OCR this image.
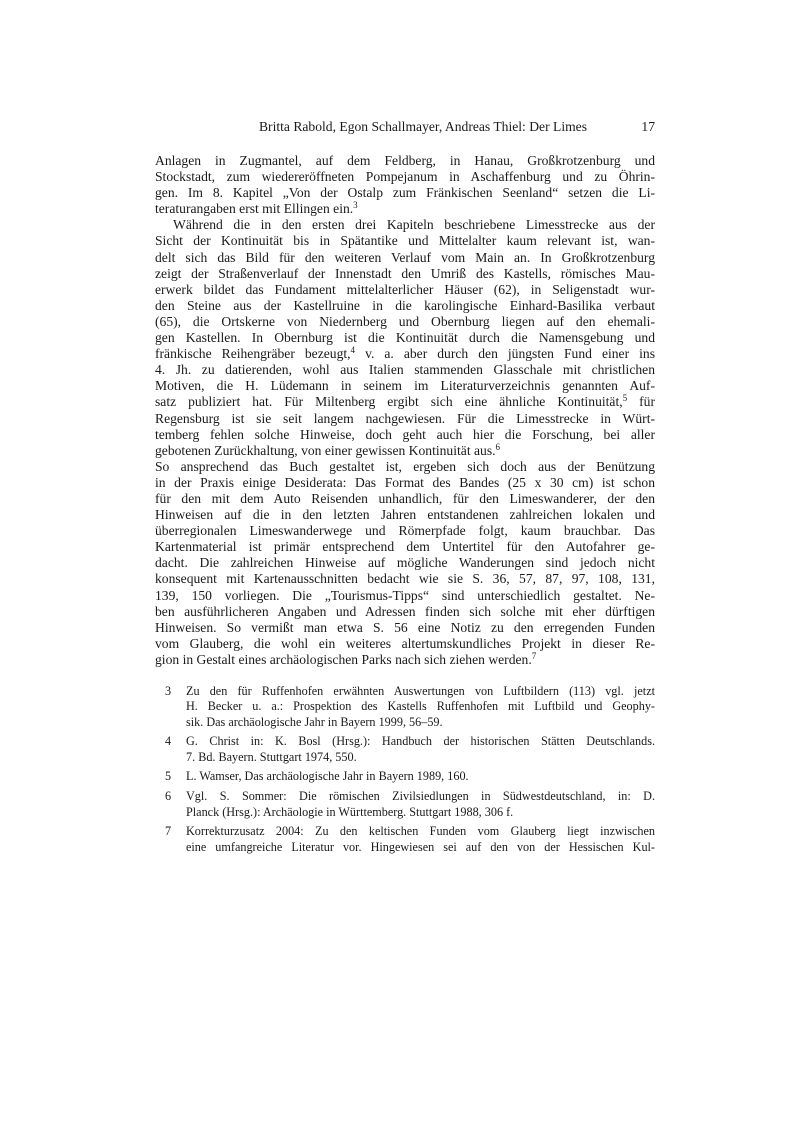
Britta Rabold, Egon Schallmayer, Andreas Thiel: Der Limes	17
Anlagen in Zugmantel, auf dem Feldberg, in Hanau, Großkrotzenburg und
Stockstadt, zum wiedereröffneten Pompejanum in Aschaffenburg und zu Öhrin-
gen. Im 8. Kapitel „Von der Ostalp zum Fränkischen Seenland“ setzen die Li-
teraturangaben erst mit Ellingen ein.$^3$
Während die in den ersten drei Kapiteln beschriebene Limesstrecke aus der
Sicht der Kontinuität bis in Spätantike und Mittelalter kaum relevant ist, wan-
delt sich das Bild für den weiteren Verlauf vom Main an. In Großkrotzenburg
zeigt der Straßenverlauf der Innenstadt den Umriß des Kastells, römisches Mau-
erwerk bildet das Fundament mittelalterlicher Häuser (62), in Seligenstadt wur-
den Steine aus der Kastellruine in die karolingische Einhard-Basilika verbaut
(65), die Ortskerne von Niedernberg und Obernburg liegen auf den ehemali-
gen Kastellen. In Obernburg ist die Kontinuität durch die Namensgebung und
fränkische Reihengräber bezeugt,$^4$ v. a. aber durch den jüngsten Fund einer ins
4. Jh. zu datierenden, wohl aus Italien stammenden Glasschale mit christlichen
Motiven, die H. Lüdemann in seinem im Literaturverzeichnis genannten Auf-
satz publiziert hat. Für Miltenberg ergibt sich eine ähnliche Kontinuität,$^5$ für
Regensburg ist sie seit langem nachgewiesen. Für die Limesstrecke in Würt-
temberg fehlen solche Hinweise, doch geht auch hier die Forschung, bei aller
gebotenen Zurückhaltung, von einer gewissen Kontinuität aus.$^6$
So ansprechend das Buch gestaltet ist, ergeben sich doch aus der Benützung
in der Praxis einige Desiderata: Das Format des Bandes (25 x 30 cm) ist schon
für den mit dem Auto Reisenden unhandlich, für den Limeswanderer, der den
Hinweisen auf die in den letzten Jahren entstandenen zahlreichen lokalen und
überregionalen Limeswanderwege und Römerpfade folgt, kaum brauchbar. Das
Kartenmaterial ist primär entsprechend dem Untertitel für den Autofahrer ge-
dacht. Die zahlreichen Hinweise auf mögliche Wanderungen sind jedoch nicht
konsequent mit Kartenausschnitten bedacht wie sie S. 36, 57, 87, 97, 108, 131,
139, 150 vorliegen. Die „Tourismus-Tipps“ sind unterschiedlich gestaltet. Ne-
ben ausführlicheren Angaben und Adressen finden sich solche mit eher dürftigen
Hinweisen. So vermißt man etwa S. 56 eine Notiz zu den erregenden Funden
vom Glauberg, die wohl ein weiteres altertumskundliches Projekt in dieser Re-
gion in Gestalt eines archäologischen Parks nach sich ziehen werden.$^7$
3 Zu den für Ruffenhofen erwähnten Auswertungen von Luftbildern (113) vgl. jetzt
H. Becker u. a.: Prospektion des Kastells Ruffenhofen mit Luftbild und Geophy-
sik. Das archäologische Jahr in Bayern 1999, 56–59.
4 G. Christ in: K. Bosl (Hrsg.): Handbuch der historischen Stätten Deutschlands.
7. Bd. Bayern. Stuttgart 1974, 550.
5 L. Wamser, Das archäologische Jahr in Bayern 1989, 160.
6 Vgl. S. Sommer: Die römischen Zivilsiedlungen in Südwestdeutschland, in: D.
Planck (Hrsg.): Archäologie in Württemberg. Stuttgart 1988, 306 f.
7 Korrekturzusatz 2004: Zu den keltischen Funden vom Glauberg liegt inzwischen
eine umfangreiche Literatur vor. Hingewiesen sei auf den von der Hessischen Kul-
